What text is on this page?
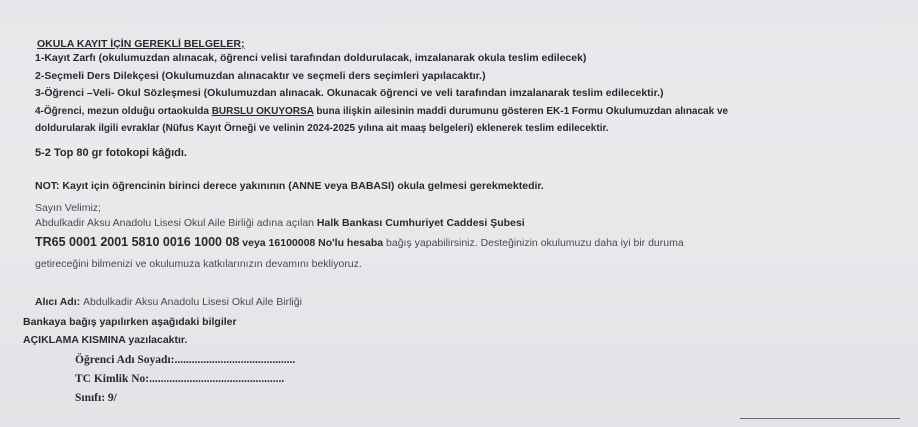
OKULA KAYIT İÇİN GEREKLİ BELGELER;
1-Kayıt Zarfı (okulumuzdan alınacak, öğrenci velisi tarafından doldurulacak, imzalanarak okula teslim edilecek)
2-Seçmeli Ders Dilekçesi (Okulumuzdan alınacaktır ve seçmeli ders seçimleri yapılacaktır.)
3-Öğrenci –Veli- Okul Sözleşmesi (Okulumuzdan alınacak. Okunacak öğrenci ve veli tarafından imzalanarak teslim edilecektir.)
4-Öğrenci, mezun olduğu ortaokulda BURSLU OKUYORSA buna ilişkin ailesinin maddi durumunu gösteren EK-1 Formu Okulumuzdan alınacak ve
doldurularak ilgili evraklar (Nüfus Kayıt Örneği ve velinin 2024-2025 yılına ait maaş belgeleri) eklenerek teslim edilecektir.
5-2 Top 80 gr fotokopi kâğıdı.
NOT: Kayıt için öğrencinin birinci derece yakınının (ANNE veya BABASI) okula gelmesi gerekmektedir.
Sayın Velimiz;
Abdulkadir Aksu Anadolu Lisesi Okul Aile Birliği adına açılan Halk Bankası Cumhuriyet Caddesi Şubesi
TR65 0001 2001 5810 0016 1000 08 veya 16100008 No'lu hesaba bağış yapabilirsiniz. Desteğinizin okulumuzu daha iyi bir duruma
getireceğini bilmenizi ve okulumuza katkılarınızın devamını bekliyoruz.
Alıcı Adı: Abdulkadir Aksu Anadolu Lisesi Okul Aile Birliği
Bankaya bağış yapılırken aşağıdaki bilgiler
AÇIKLAMA KISMINA yazılacaktır.
Öğrenci Adı Soyadı:..........................................
TC Kimlik No:...............................................
Sınıfı: 9/
